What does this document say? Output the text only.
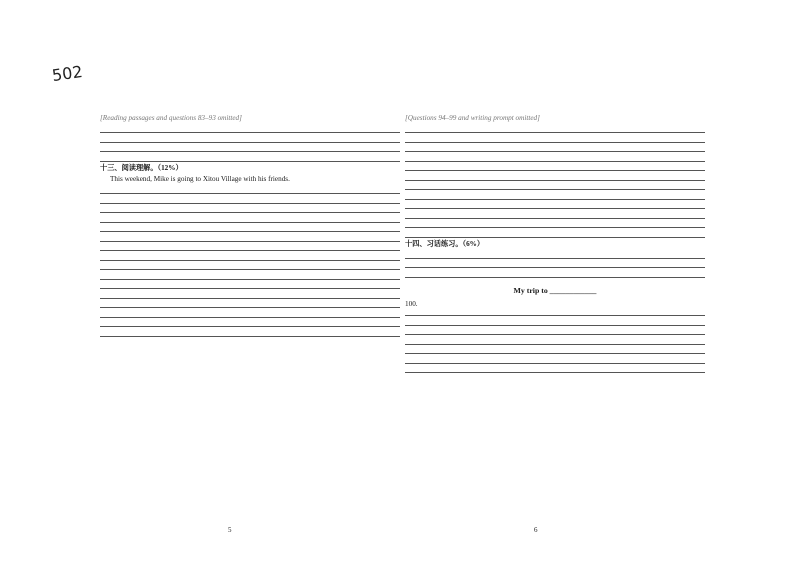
502
[Reading passages and questions 83–93 omitted]
十三、阅读理解。（12%）

This weekend, Mike is going to Xitou Village with his friends.

5
[Questions 94–99 and writing prompt omitted]
十四、习话练习。（6%）
My trip to ____________
100.
6
